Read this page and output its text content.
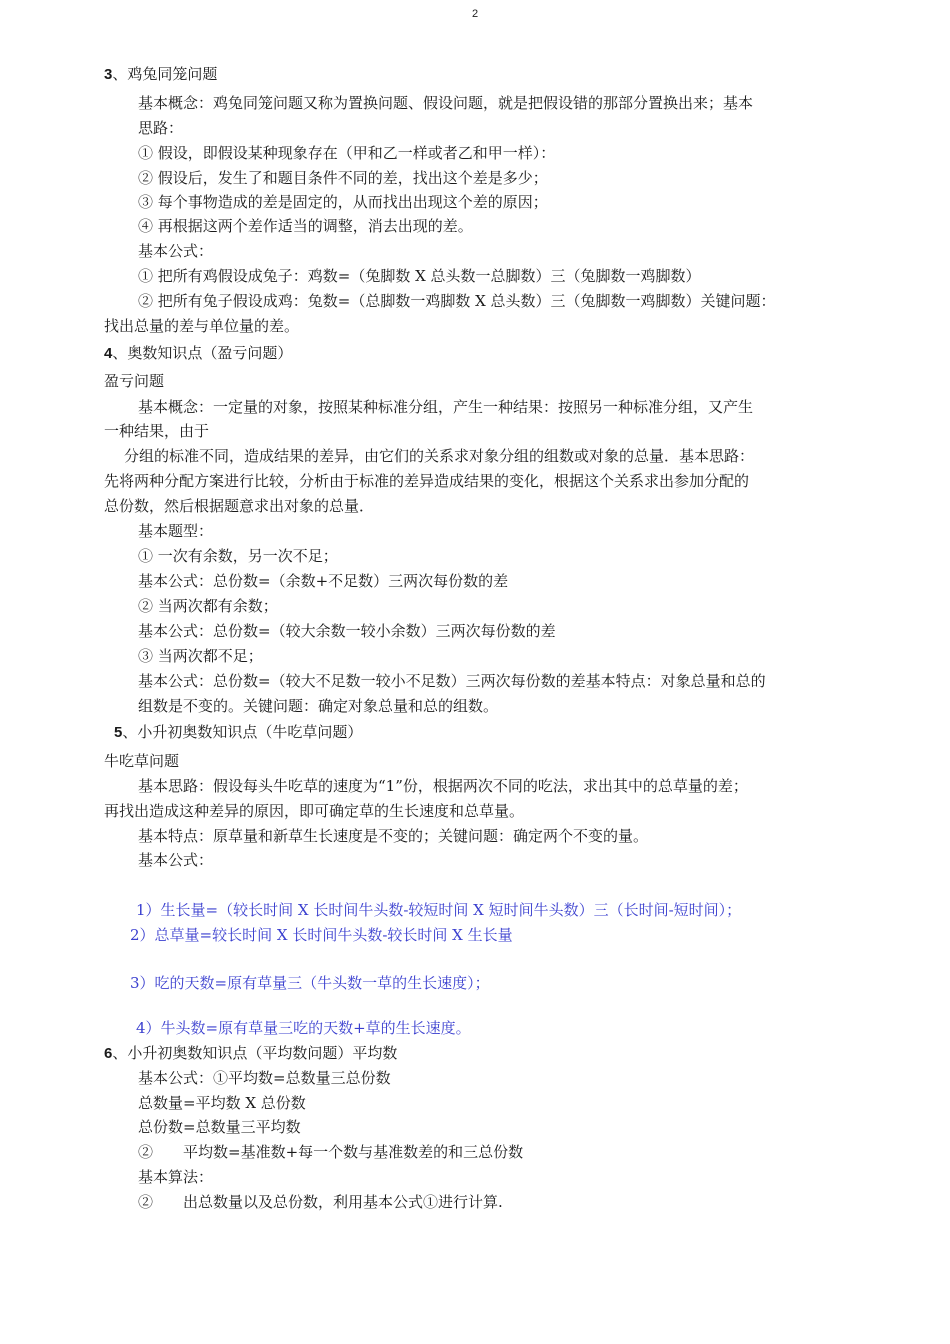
2
3、鸡兔同笼问题
基本概念：鸡兔同笼问题又称为置换问题、假设问题，就是把假设错的那部分置换出来；基本
思路：
① 假设，即假设某种现象存在（甲和乙一样或者乙和甲一样）：
② 假设后，发生了和题目条件不同的差，找出这个差是多少；
③ 每个事物造成的差是固定的，从而找出出现这个差的原因；
④ 再根据这两个差作适当的调整，消去出现的差。
基本公式：
① 把所有鸡假设成兔子：鸡数=（兔脚数 X 总头数一总脚数）三（兔脚数一鸡脚数）
② 把所有兔子假设成鸡：兔数=（总脚数一鸡脚数 X 总头数）三（兔脚数一鸡脚数）关键问题：
找出总量的差与单位量的差。
4、奥数知识点（盈亏问题）
盈亏问题
基本概念：一定量的对象，按照某种标准分组，产生一种结果：按照另一种标准分组，又产生
一种结果，由于
分组的标准不同，造成结果的差异，由它们的关系求对象分组的组数或对象的总量．基本思路：
先将两种分配方案进行比较，分析由于标准的差异造成结果的变化，根据这个关系求出参加分配的
总份数，然后根据题意求出对象的总量．
基本题型：
① 一次有余数，另一次不足；
基本公式：总份数=（余数+不足数）三两次每份数的差
② 当两次都有余数；
基本公式：总份数=（较大余数一较小余数）三两次每份数的差
③ 当两次都不足；
基本公式：总份数=（较大不足数一较小不足数）三两次每份数的差基本特点：对象总量和总的
组数是不变的。关键问题：确定对象总量和总的组数。
5、小升初奥数知识点（牛吃草问题）
牛吃草问题
基本思路：假设每头牛吃草的速度为“1”份，根据两次不同的吃法，求出其中的总草量的差；
再找出造成这种差异的原因，即可确定草的生长速度和总草量。
基本特点：原草量和新草生长速度是不变的；关键问题：确定两个不变的量。
基本公式：
1）生长量=（较长时间 X 长时间牛头数-较短时间 X 短时间牛头数）三（长时间-短时间）；
2）总草量=较长时间 X 长时间牛头数-较长时间 X 生长量
3）吃的天数=原有草量三（牛头数一草的生长速度）；
4）牛头数=原有草量三吃的天数+草的生长速度。
6、小升初奥数知识点（平均数问题）平均数
基本公式：①平均数=总数量三总份数
总数量=平均数 X 总份数
总份数=总数量三平均数
②　　平均数=基准数+每一个数与基准数差的和三总份数
基本算法：
②　　出总数量以及总份数，利用基本公式①进行计算.
